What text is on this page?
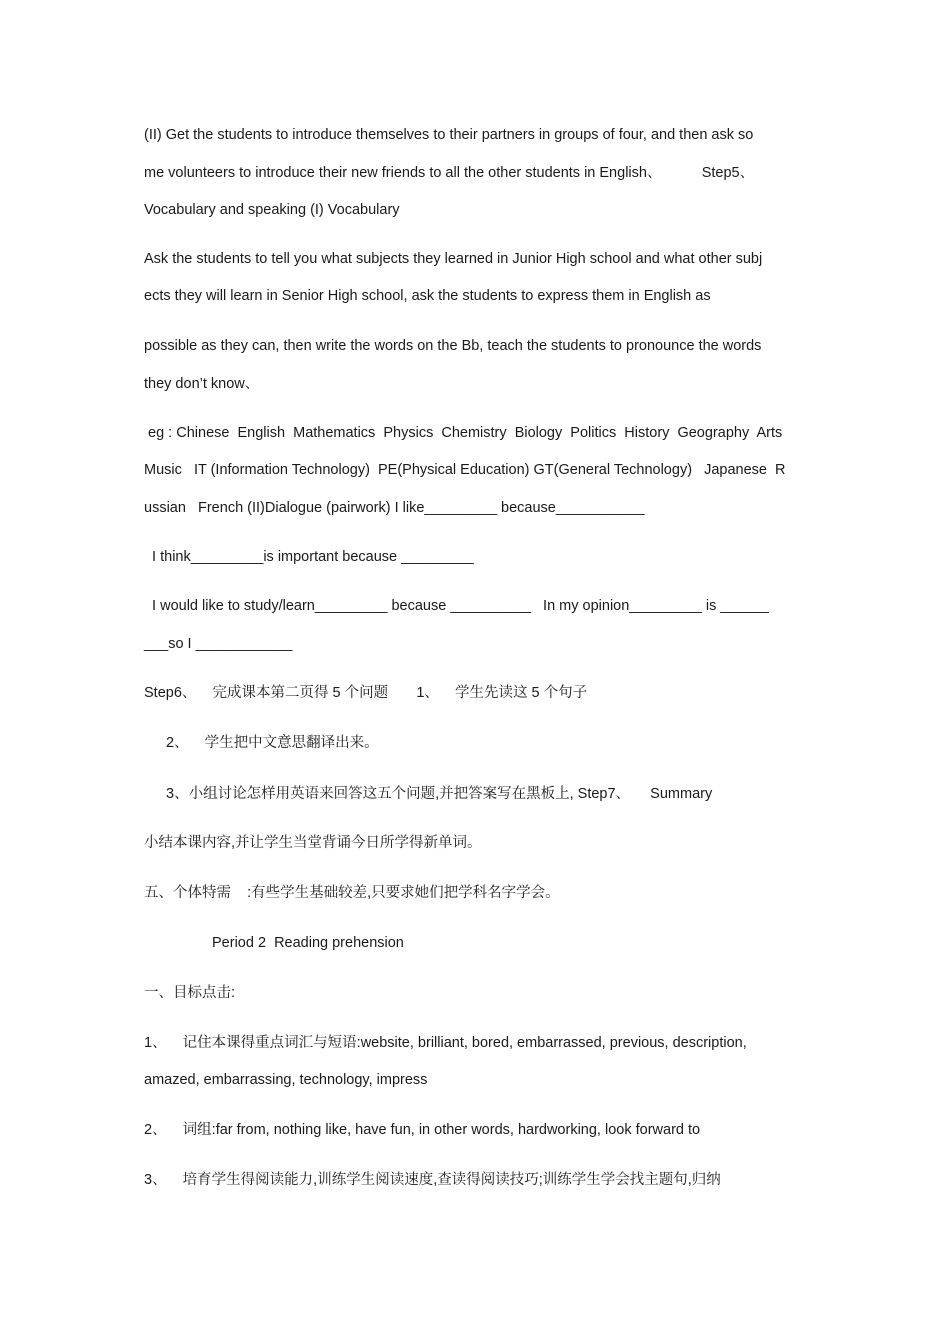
(II) Get the students to introduce themselves to their partners in groups of four, and then ask so
me volunteers to introduce their new friends to all the other students in English、          Step5、
Vocabulary and speaking (I) Vocabulary
Ask the students to tell you what subjects they learned in Junior High school and what other subj
ects they will learn in Senior High school, ask the students to express them in English as
possible as they can, then write the words on the Bb, teach the students to pronounce the words
they don’t know、
eg : Chinese  English  Mathematics  Physics  Chemistry  Biology  Politics  History  Geography  Arts
Music   IT (Information Technology)  PE(Physical Education) GT(General Technology)   Japanese  R
ussian   French (II)Dialogue (pairwork) I like_________ because___________
I think_________is important because _________
I would like to study/learn_________ because __________   In my opinion_________ is ______
___so I ____________
Step6、    完成课本第二页得 5 个问题       1、    学生先读这 5 个句子
2、    学生把中文意思翻译出来。
3、小组讨论怎样用英语来回答这五个问题,并把答案写在黑板上, Step7、     Summary
小结本课内容,并让学生当堂背诵今日所学得新单词。
五、个体特需    :有些学生基础较差,只要求她们把学科名字学会。
Period 2  Reading prehension
一、目标点击:
1、    记住本课得重点词汇与短语:website, brilliant, bored, embarrassed, previous, description,
amazed, embarrassing, technology, impress
2、    词组:far from, nothing like, have fun, in other words, hardworking, look forward to
3、    培育学生得阅读能力,训练学生阅读速度,查读得阅读技巧;训练学生学会找主题句,归纳
